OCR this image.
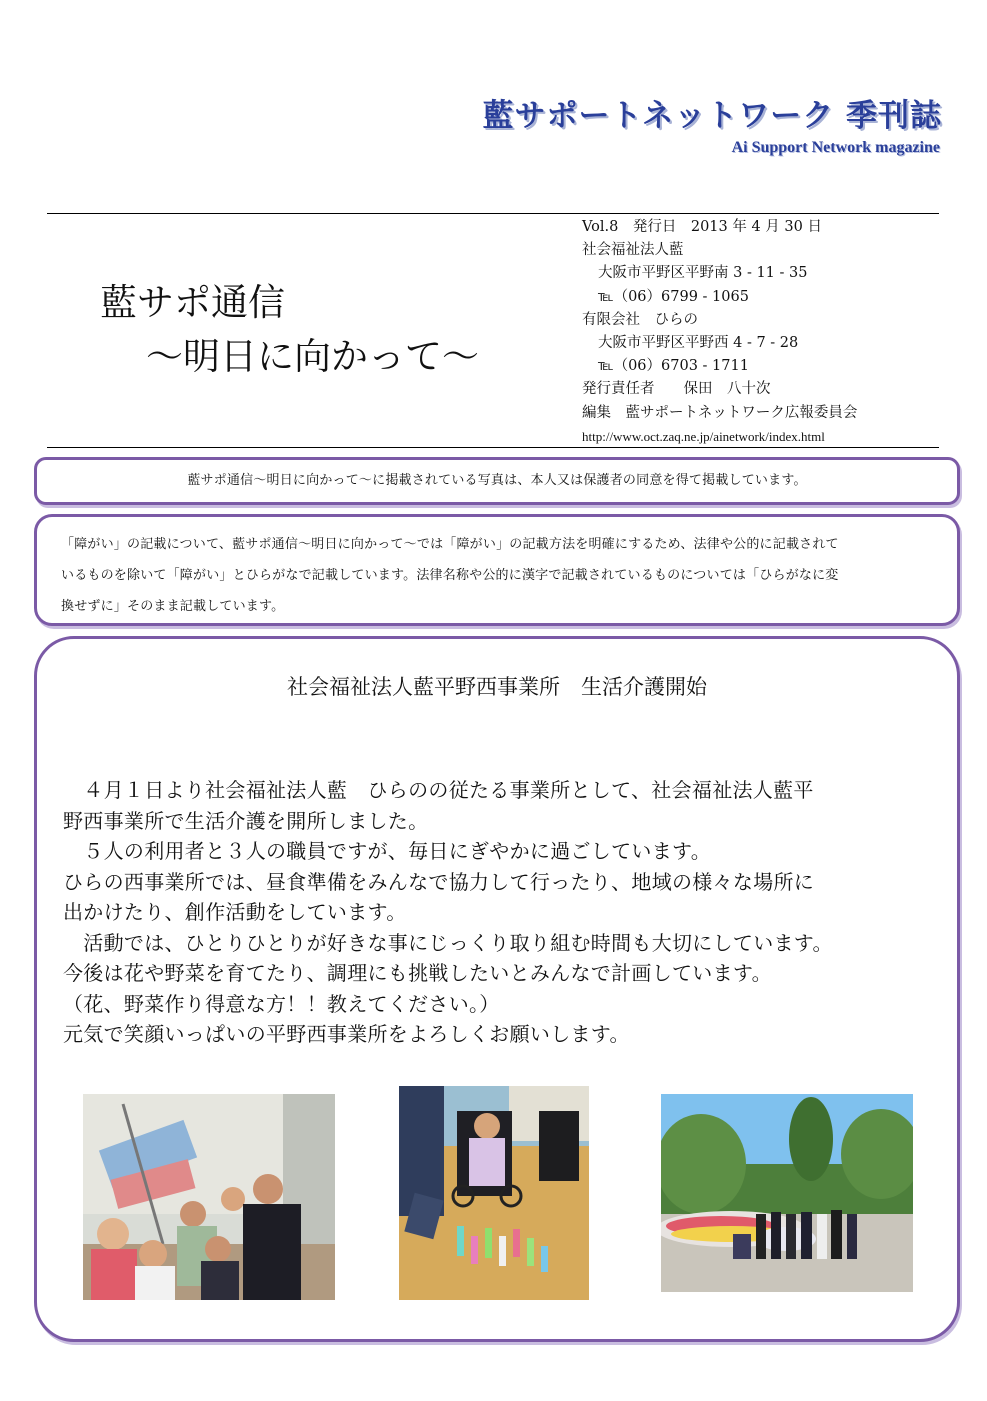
藍サポートネットワーク 季刊誌
Ai Support Network magazine
藍サポ通信
～明日に向かって～
Vol.8　発行日　2013 年 4 月 30 日
社会福祉法人藍
大阪市平野区平野南 3 - 11 - 35
℡（06）6799 - 1065
有限会社　ひらの
大阪市平野区平野西 4 - 7 - 28
℡（06）6703 - 1711
発行責任者　　保田　八十次
編集　藍サポートネットワーク広報委員会
http://www.oct.zaq.ne.jp/ainetwork/index.html

藍サポ通信～明日に向かって～に掲載されている写真は、本人又は保護者の同意を得て掲載しています。

「障がい」の記載について、藍サポ通信～明日に向かって～では「障がい」の記載方法を明確にするため、法律や公的に記載されて
いるものを除いて「障がい」とひらがなで記載しています。法律名称や公的に漢字で記載されているものについては「ひらがなに変
換せずに」そのまま記載しています。

社会福祉法人藍平野西事業所　生活介護開始
　４月１日より社会福祉法人藍　ひらのの従たる事業所として、社会福祉法人藍平
野西事業所で生活介護を開所しました。
　５人の利用者と３人の職員ですが、毎日にぎやかに過ごしています。
ひらの西事業所では、昼食準備をみんなで協力して行ったり、地域の様々な場所に
出かけたり、創作活動をしています。
　活動では、ひとりひとりが好きな事にじっくり取り組む時間も大切にしています。
今後は花や野菜を育てたり、調理にも挑戦したいとみんなで計画しています。
（花、野菜作り得意な方！！教えてください。）
元気で笑顔いっぱいの平野西事業所をよろしくお願いします。
